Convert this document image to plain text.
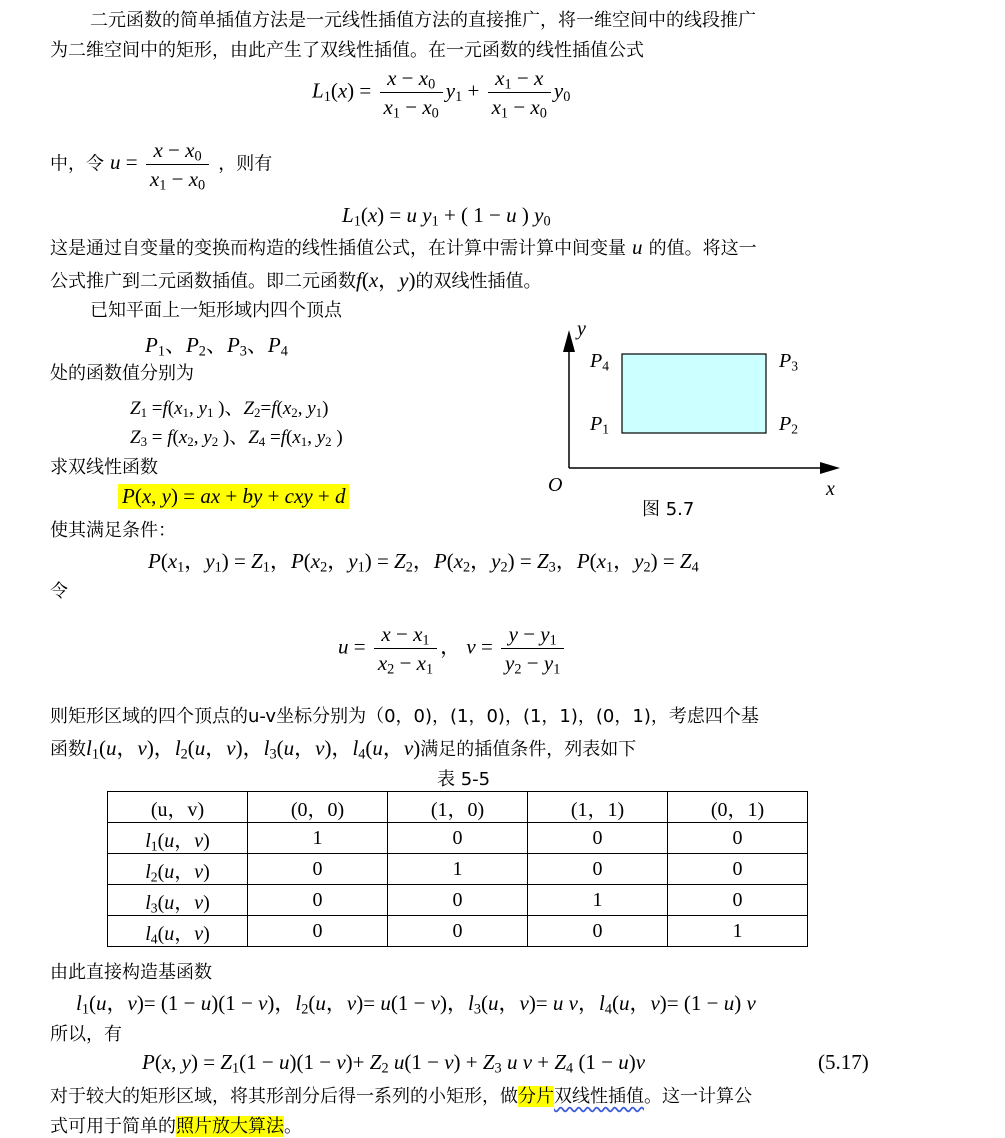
二元函数的简单插值方法是一元线性插值方法的直接推广，将一维空间中的线段推广
为二维空间中的矩形，由此产生了双线性插值。在一元函数的线性插值公式
$L_1(x) = \frac{x - x_0}{x_1 - x_0} y_1 + \frac{x_1 - x}{x_1 - x_0} y_0$
中，令 $u = \frac{x - x_0}{x_1 - x_0}$ ，则有
$L_1(x) = u$ $y_1$ + ( 1 − u ) $y_0$
这是通过自变量的变换而构造的线性插值公式，在计算中需计算中间变量 u 的值。将这一
公式推广到二元函数插值。即二元函数f(x，y)的双线性插值。
已知平面上一矩形域内四个顶点
$P_1$、$P_2$、$P_3$、$P_4$
处的函数值分别为
$Z_1 =f(x_1$, $y_1$ )、$Z_2=f(x_2$, $y_1$)
$Z_3 = f(x_2$, $y_2$ )、$Z_4 =f(x_1$, $y_2$ )
求双线性函数
P(x, y) = ax + by + cxy + d
使其满足条件：
y
x
O
$P_4$	$P_3$
$P_1$	$P_2$
图 5.7
$P(x_1$，$y_1) = Z_1$，$P(x_2$，$y_1) = Z_2$，$P(x_2$，$y_2) = Z_3$，$P(x_1$，$y_2) = Z_4$
令
$u = \frac{x - x_1}{x_2 - x_1}$ ， $v = \frac{y - y_1}{y_2 - y_1}$
则矩形区域的四个顶点的u-v坐标分别为（0，0)，(1，0)，(1，1)，(0，1)，考虑四个基
函数$l_1(u$，v)，$l_2(u$，v)，$l_3(u$，v)，$l_4(u$，v)满足的插值条件，列表如下
表 5-5
(u，v)	(0，0)	(1，0)	(1，1)	(0，1)
$l_1(u$，v)	1	0	0	0
$l_2(u$，v)	0	1	0	0
$l_3(u$，v)	0	0	1	0
$l_4(u$，v)	0	0	0	1
由此直接构造基函数
$l_1(u$，v)= (1 − u)(1 − v)，$l_2(u$，v)= u(1 − v)，$l_3(u$，v)= u v，$l_4(u$，v)= (1 − u) v
所以，有
P(x, $y) = Z_1(1 - u)(1 - v)+ Z_2$ $u(1 - v) + Z_3$ u $v + Z_4$ (1 − u)v	(5.17)
对于较大的矩形区域，将其形剖分后得一系列的小矩形，做分片双线性插值。这一计算公
式可用于简单的照片放大算法。
